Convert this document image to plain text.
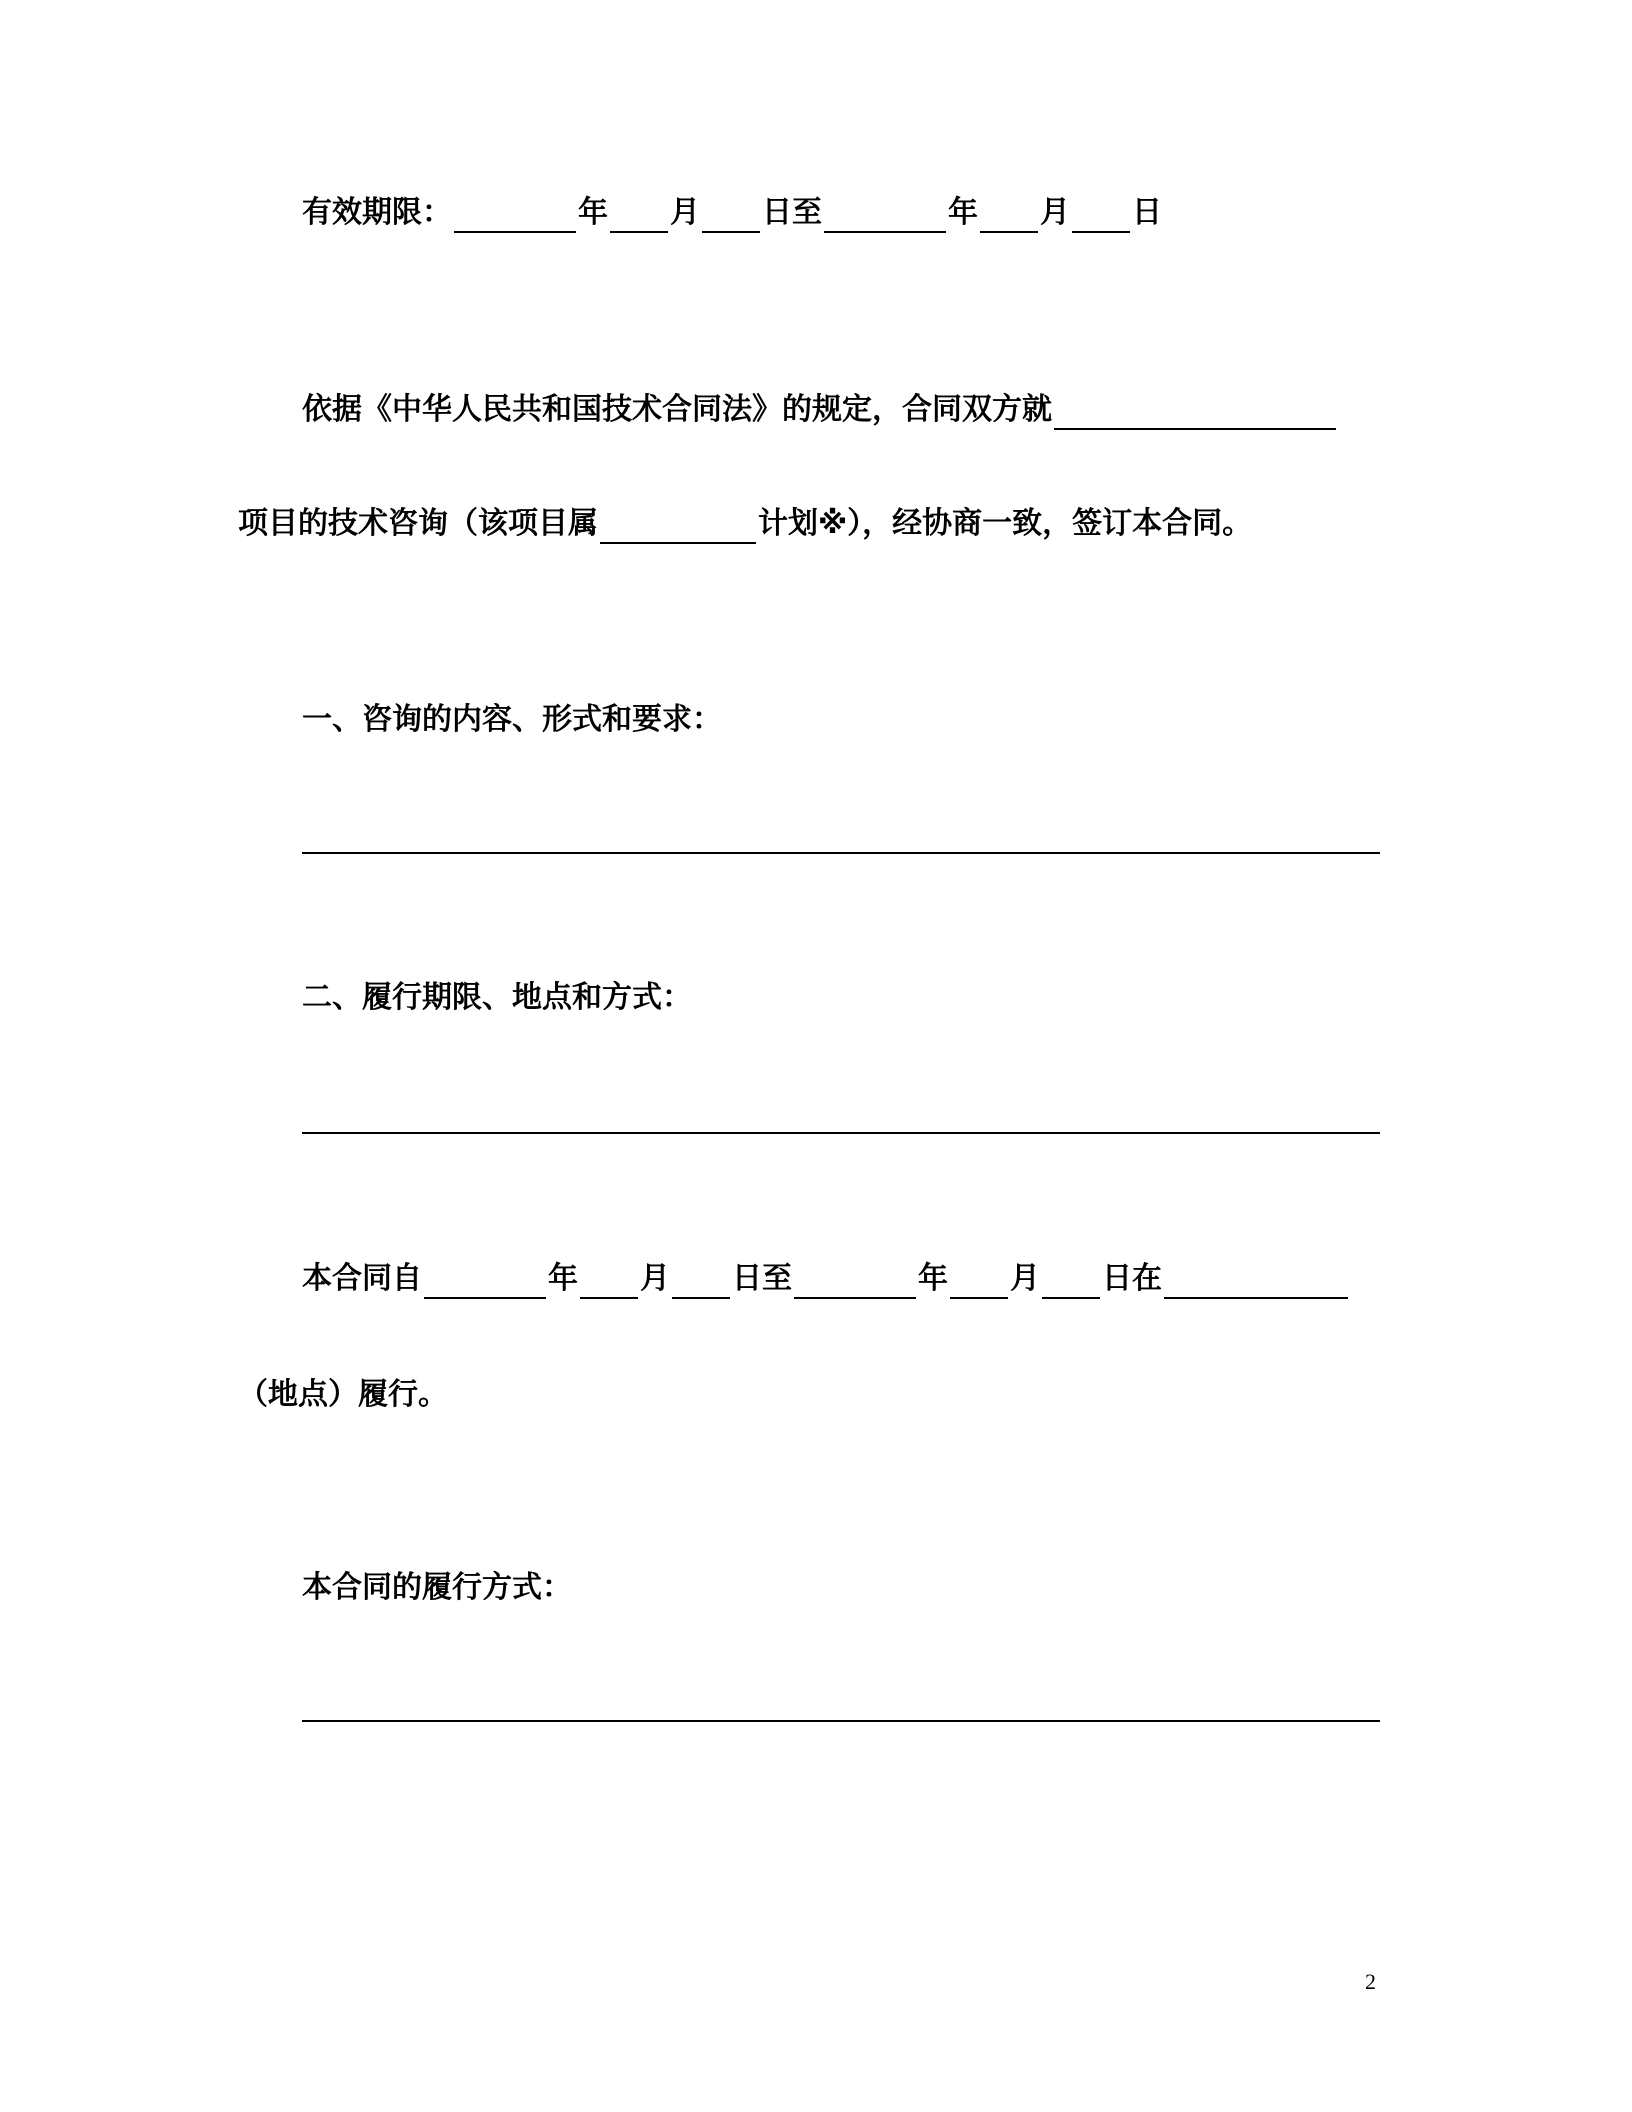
有效期限：	年 月 日至	年 月 日
依据《中华人民共和国技术合同法》的规定，合同双方就
项目的技术咨询（该项目属	计划※），经协商一致，签订本合同。
一、咨询的内容、形式和要求：
二、履行期限、地点和方式：
本合同自	年 月 日至	年 月 日在
（地点）履行。
本合同的履行方式：
2
